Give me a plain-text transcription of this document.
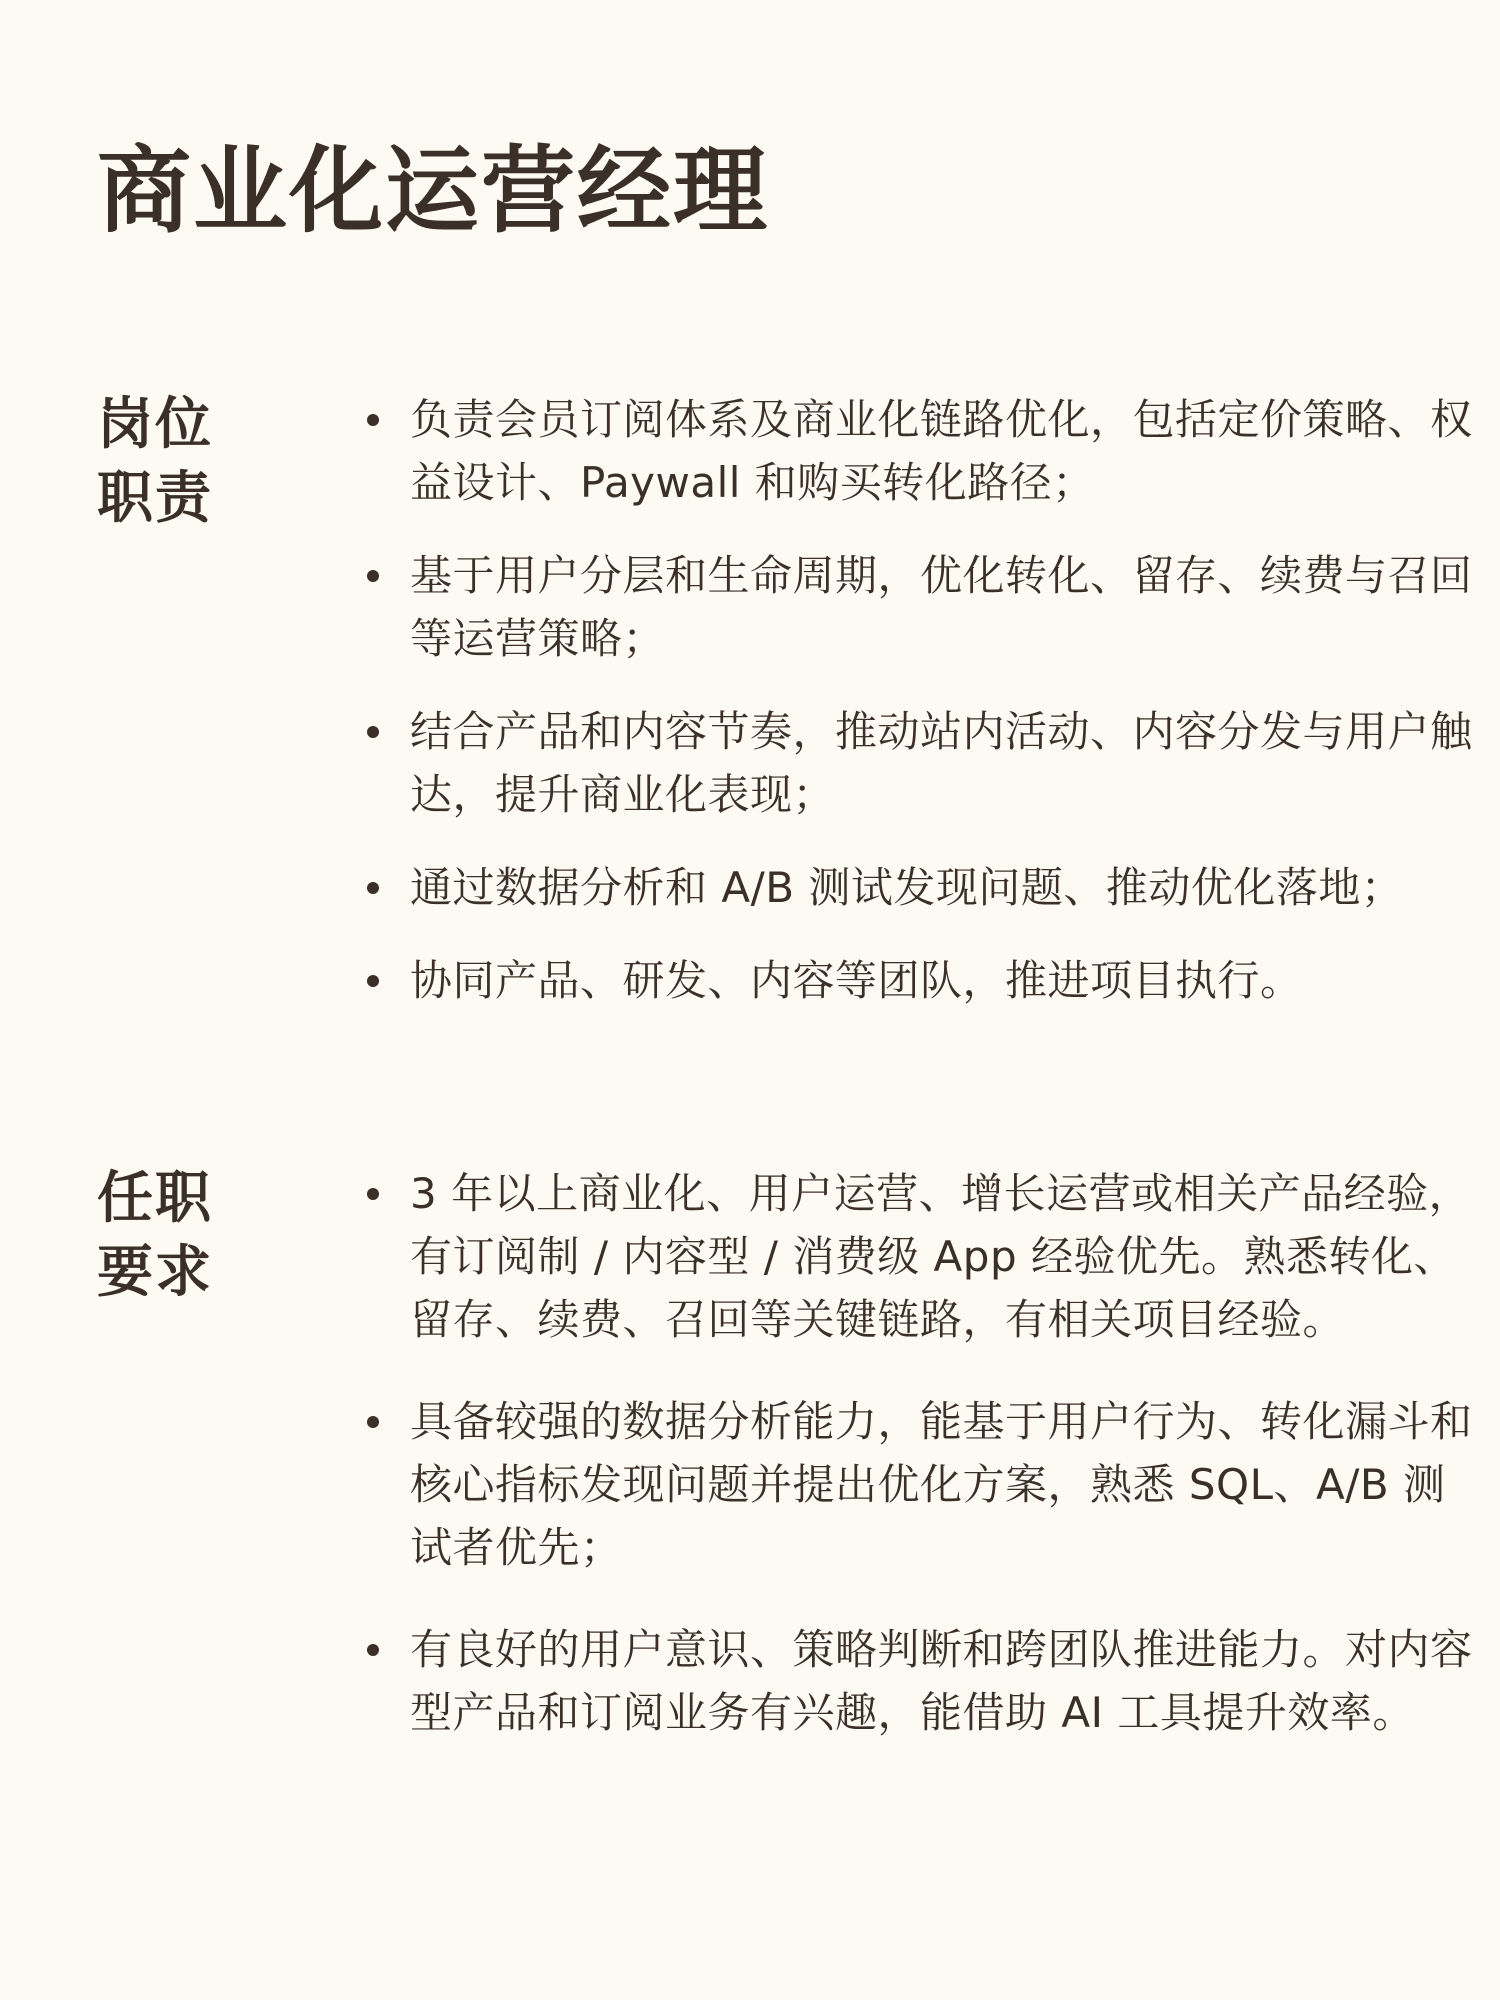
商业化运营经理
岗位
职责
负责会员订阅体系及商业化链路优化，包括定价策略、权益设计、Paywall 和购买转化路径；
基于用户分层和生命周期，优化转化、留存、续费与召回等运营策略；
结合产品和内容节奏，推动站内活动、内容分发与用户触达，提升商业化表现；
通过数据分析和 A/B 测试发现问题、推动优化落地；
协同产品、研发、内容等团队，推进项目执行。
任职
要求
3 年以上商业化、用户运营、增长运营或相关产品经验，有订阅制 / 内容型 / 消费级 App 经验优先。熟悉转化、留存、续费、召回等关键链路，有相关项目经验。
具备较强的数据分析能力，能基于用户行为、转化漏斗和核心指标发现问题并提出优化方案，熟悉 SQL、A/B 测试者优先；
有良好的用户意识、策略判断和跨团队推进能力。对内容型产品和订阅业务有兴趣，能借助 AI 工具提升效率。
